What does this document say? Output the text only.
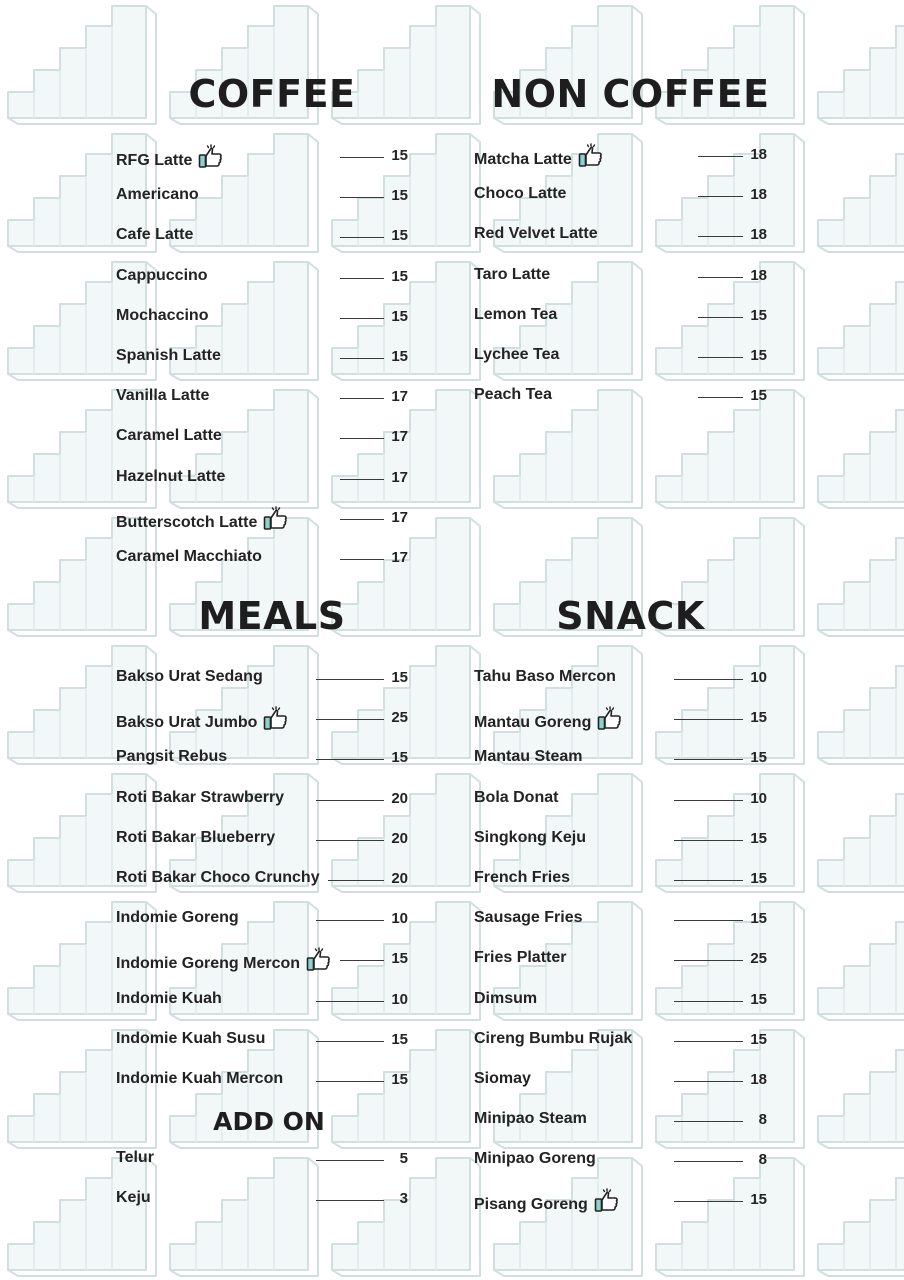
COFFEE
RFG Latte	15
Americano	15
Cafe Latte	15
Cappuccino	15
Mochaccino	15
Spanish Latte	15
Vanilla Latte	17
Caramel Latte	17
Hazelnut Latte	17
Butterscotch Latte	17
Caramel Macchiato	17
NON COFFEE
Matcha Latte	18
Choco Latte	18
Red Velvet Latte	18
Taro Latte	18
Lemon Tea	15
Lychee Tea	15
Peach Tea	15
MEALS
Bakso Urat Sedang	15
Bakso Urat Jumbo	25
Pangsit Rebus	15
Roti Bakar Strawberry	20
Roti Bakar Blueberry	20
Roti Bakar Choco Crunchy	20
Indomie Goreng	10
Indomie Goreng Mercon	15
Indomie Kuah	10
Indomie Kuah Susu	15
Indomie Kuah Mercon	15
ADD ON
Telur	5
Keju	3
SNACK
Tahu Baso Mercon	10
Mantau Goreng	15
Mantau Steam	15
Bola Donat	10
Singkong Keju	15
French Fries	15
Sausage Fries	15
Fries Platter	25
Dimsum	15
Cireng Bumbu Rujak	15
Siomay	18
Minipao Steam	8
Minipao Goreng	8
Pisang Goreng	15
